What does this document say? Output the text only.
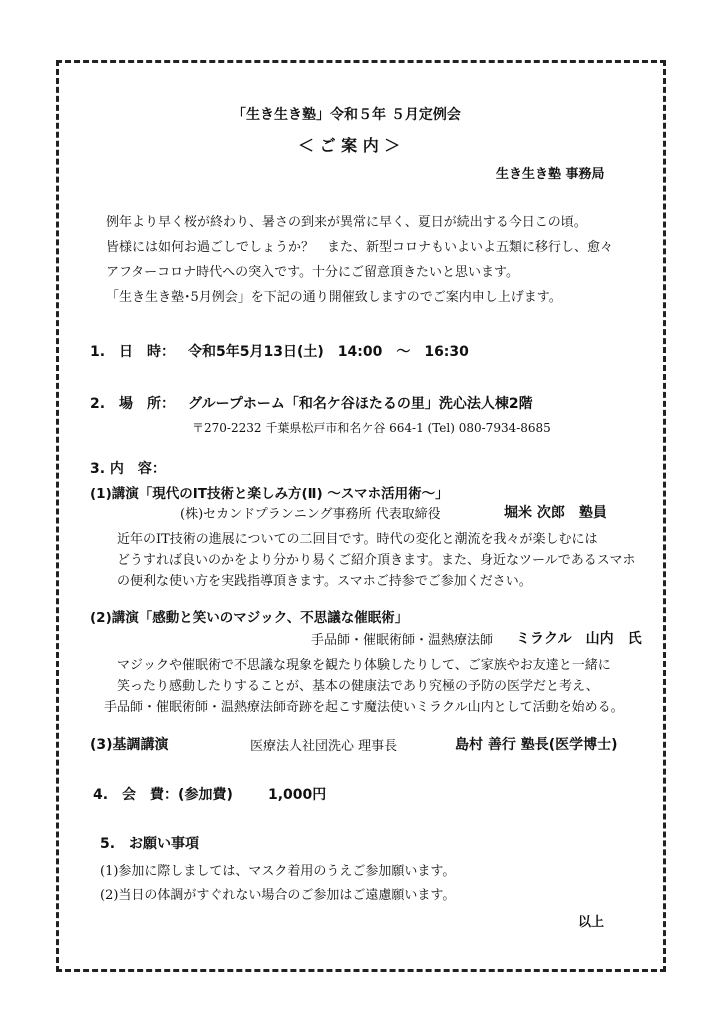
「生き生き塾」令和５年 ５月定例会
＜ ご 案 内 ＞
生き生き塾 事務局
例年より早く桜が終わり、暑さの到来が異常に早く、夏日が続出する今日この頃。
皆様には如何お過ごしでしょうか？　また、新型コロナもいよいよ五類に移行し、愈々
アフターコロナ時代への突入です。十分にご留意頂きたいと思います。
「生き生き塾･5月例会」を下記の通り開催致しますのでご案内申し上げます。
1.　日　時： 令和5年5月13日(土)　14:00　～　16:30
2.　場　所： グループホーム「和名ケ谷ほたるの里」洗心法人棟2階
〒270-2232 千葉県松戸市和名ケ谷 664-1 (Tel) 080-7934-8685
3. 内　容：
(1)講演「現代のIT技術と楽しみ方(Ⅱ) ～スマホ活用術～」
(株)セカンドプランニング事務所 代表取締役	堀米 次郎　塾員
近年のIT技術の進展についての二回目です。時代の変化と潮流を我々が楽しむには
どうすれば良いのかをより分かり易くご紹介頂きます。また、身近なツールであるスマホ
の便利な使い方を実践指導頂きます。スマホご持参でご参加ください。
(2)講演「感動と笑いのマジック、不思議な催眠術」
手品師・催眠術師・温熱療法師 ミラクル　山内　氏
マジックや催眠術で不思議な現象を観たり体験したりして、ご家族やお友達と一緒に
笑ったり感動したりすることが、基本の健康法であり究極の予防の医学だと考え、
手品師・催眠術師・温熱療法師奇跡を起こす魔法使いミラクル山内として活動を始める。
(3)基調講演	医療法人社団洗心 理事長	島村 善行 塾長(医学博士)
4.　会　費：(参加費)	1,000円
5.　お願い事項
(1)参加に際しましては、マスク着用のうえご参加願います。
(2)当日の体調がすぐれない場合のご参加はご遠慮願います。
以上
